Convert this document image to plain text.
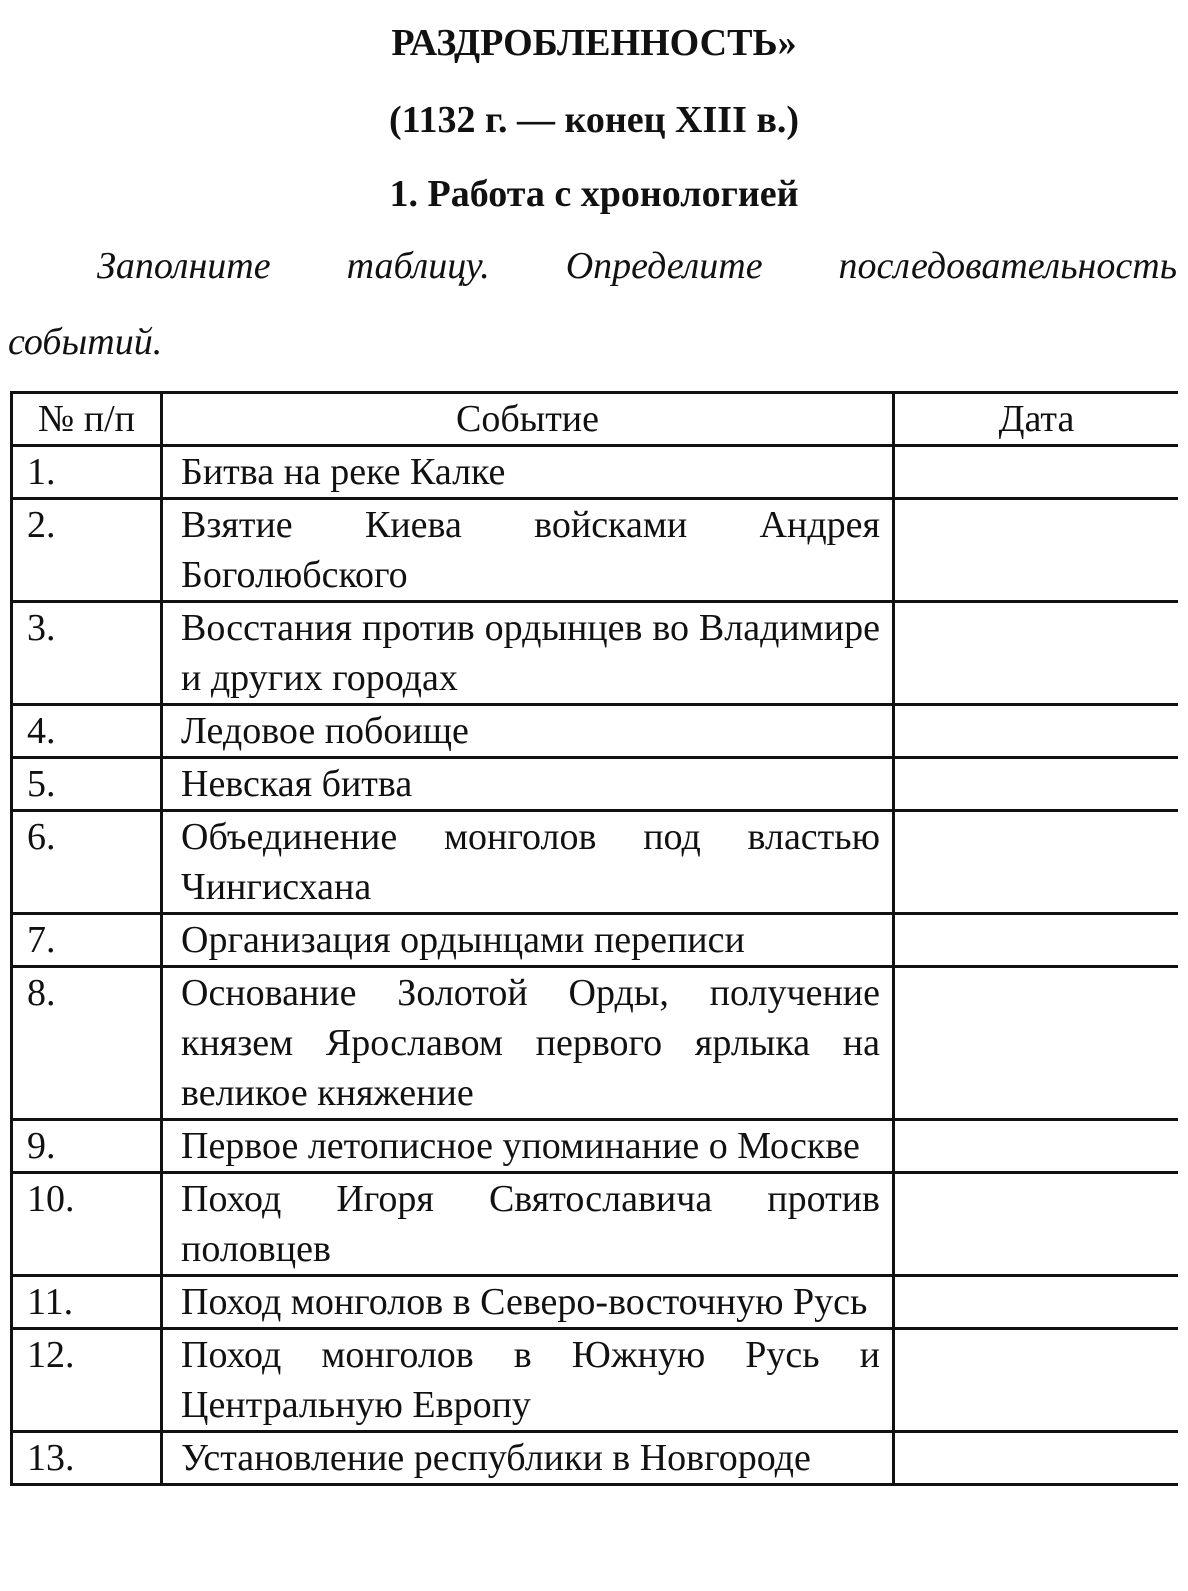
РАЗДРОБЛЕННОСТЬ»
(1132 г. — конец XIII в.)
1. Работа с хронологией
Заполните таблицу. Определите последовательность
событий.
№ п/п	Событие	Дата
1.	Битва на реке Калке	
2.	Взятие Киева войсками Андрея Боголюбского	
3.	Восстания против ордынцев во Владимире и других городах	
4.	Ледовое побоище	
5.	Невская битва	
6.	Объединение монголов под властью Чингисхана	
7.	Организация ордынцами переписи	
8.	Основание Золотой Орды, получение князем Ярославом первого ярлыка на великое княжение	
9.	Первое летописное упоминание о Москве	
10.	Поход Игоря Святославича против половцев	
11.	Поход монголов в Северо-восточную Русь	
12.	Поход монголов в Южную Русь и Центральную Европу	
13.	Установление республики в Новгороде	
